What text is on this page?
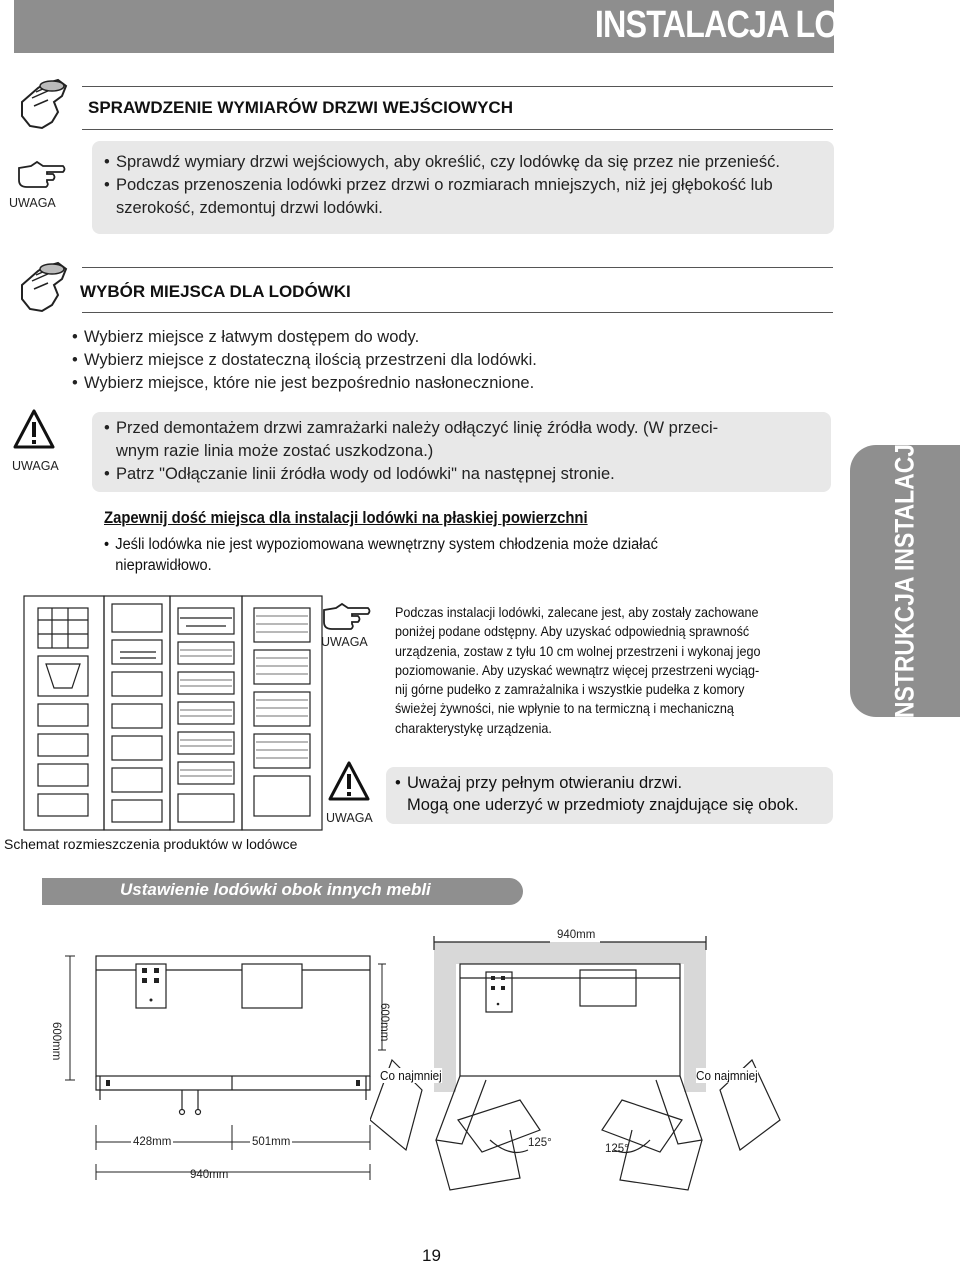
INSTALACJA LODÓWKI
SPRAWDZENIE WYMIARÓW DRZWI WEJŚCIOWYCH
UWAGA
• Sprawdź wymiary drzwi wejściowych, aby określić, czy lodówkę da się przez nie przenieść.
• Podczas przenoszenia lodówki przez drzwi o rozmiarach mniejszych, niż jej głębokość lub
szerokość, zdemontuj drzwi lodówki.
WYBÓR MIEJSCA DLA LODÓWKI
• Wybierz miejsce z łatwym dostępem do wody.
• Wybierz miejsce z dostateczną ilością przestrzeni dla lodówki.
• Wybierz miejsce, które nie jest bezpośrednio nasłonecznione.
UWAGA
• Przed demontażem drzwi zamrażarki należy odłączyć linię źródła wody. (W przeci-
wnym razie linia może zostać uszkodzona.)
• Patrz "Odłączanie linii źródła wody od lodówki" na następnej stronie.
Zapewnij dość miejsca dla instalacji lodówki na płaskiej powierzchni
• Jeśli lodówka nie jest wypoziomowana wewnętrzny system chłodzenia może działać
nieprawidłowo.	INSTRUKCJA INSTALACJI
Schemat rozmieszczenia produktów w lodówce
UWAGA
Podczas instalacji lodówki, zalecane jest, aby zostały zachowane
poniżej podane odstępny. Aby uzyskać odpowiednią sprawność
urządzenia, zostaw z tyłu 10 cm wolnej przestrzeni i wykonaj jego
poziomowanie. Aby uzyskać wewnątrz więcej przestrzeni wyciąg-
nij górne pudełko z zamrażalnika i wszystkie pudełka z komory
świeżej żywności, nie wpłynie to na termiczną i mechaniczną
charakterystykę urządzenia.
UWAGA
• Uważaj przy pełnym otwieraniu drzwi.
Mogą one uderzyć w przedmioty znajdujące się obok.
Ustawienie lodówki obok innych mebli
600mm
428mm	501mm
940mm
940mm
600mm
Co najmniej	Co najmniej
125°	125°
19
